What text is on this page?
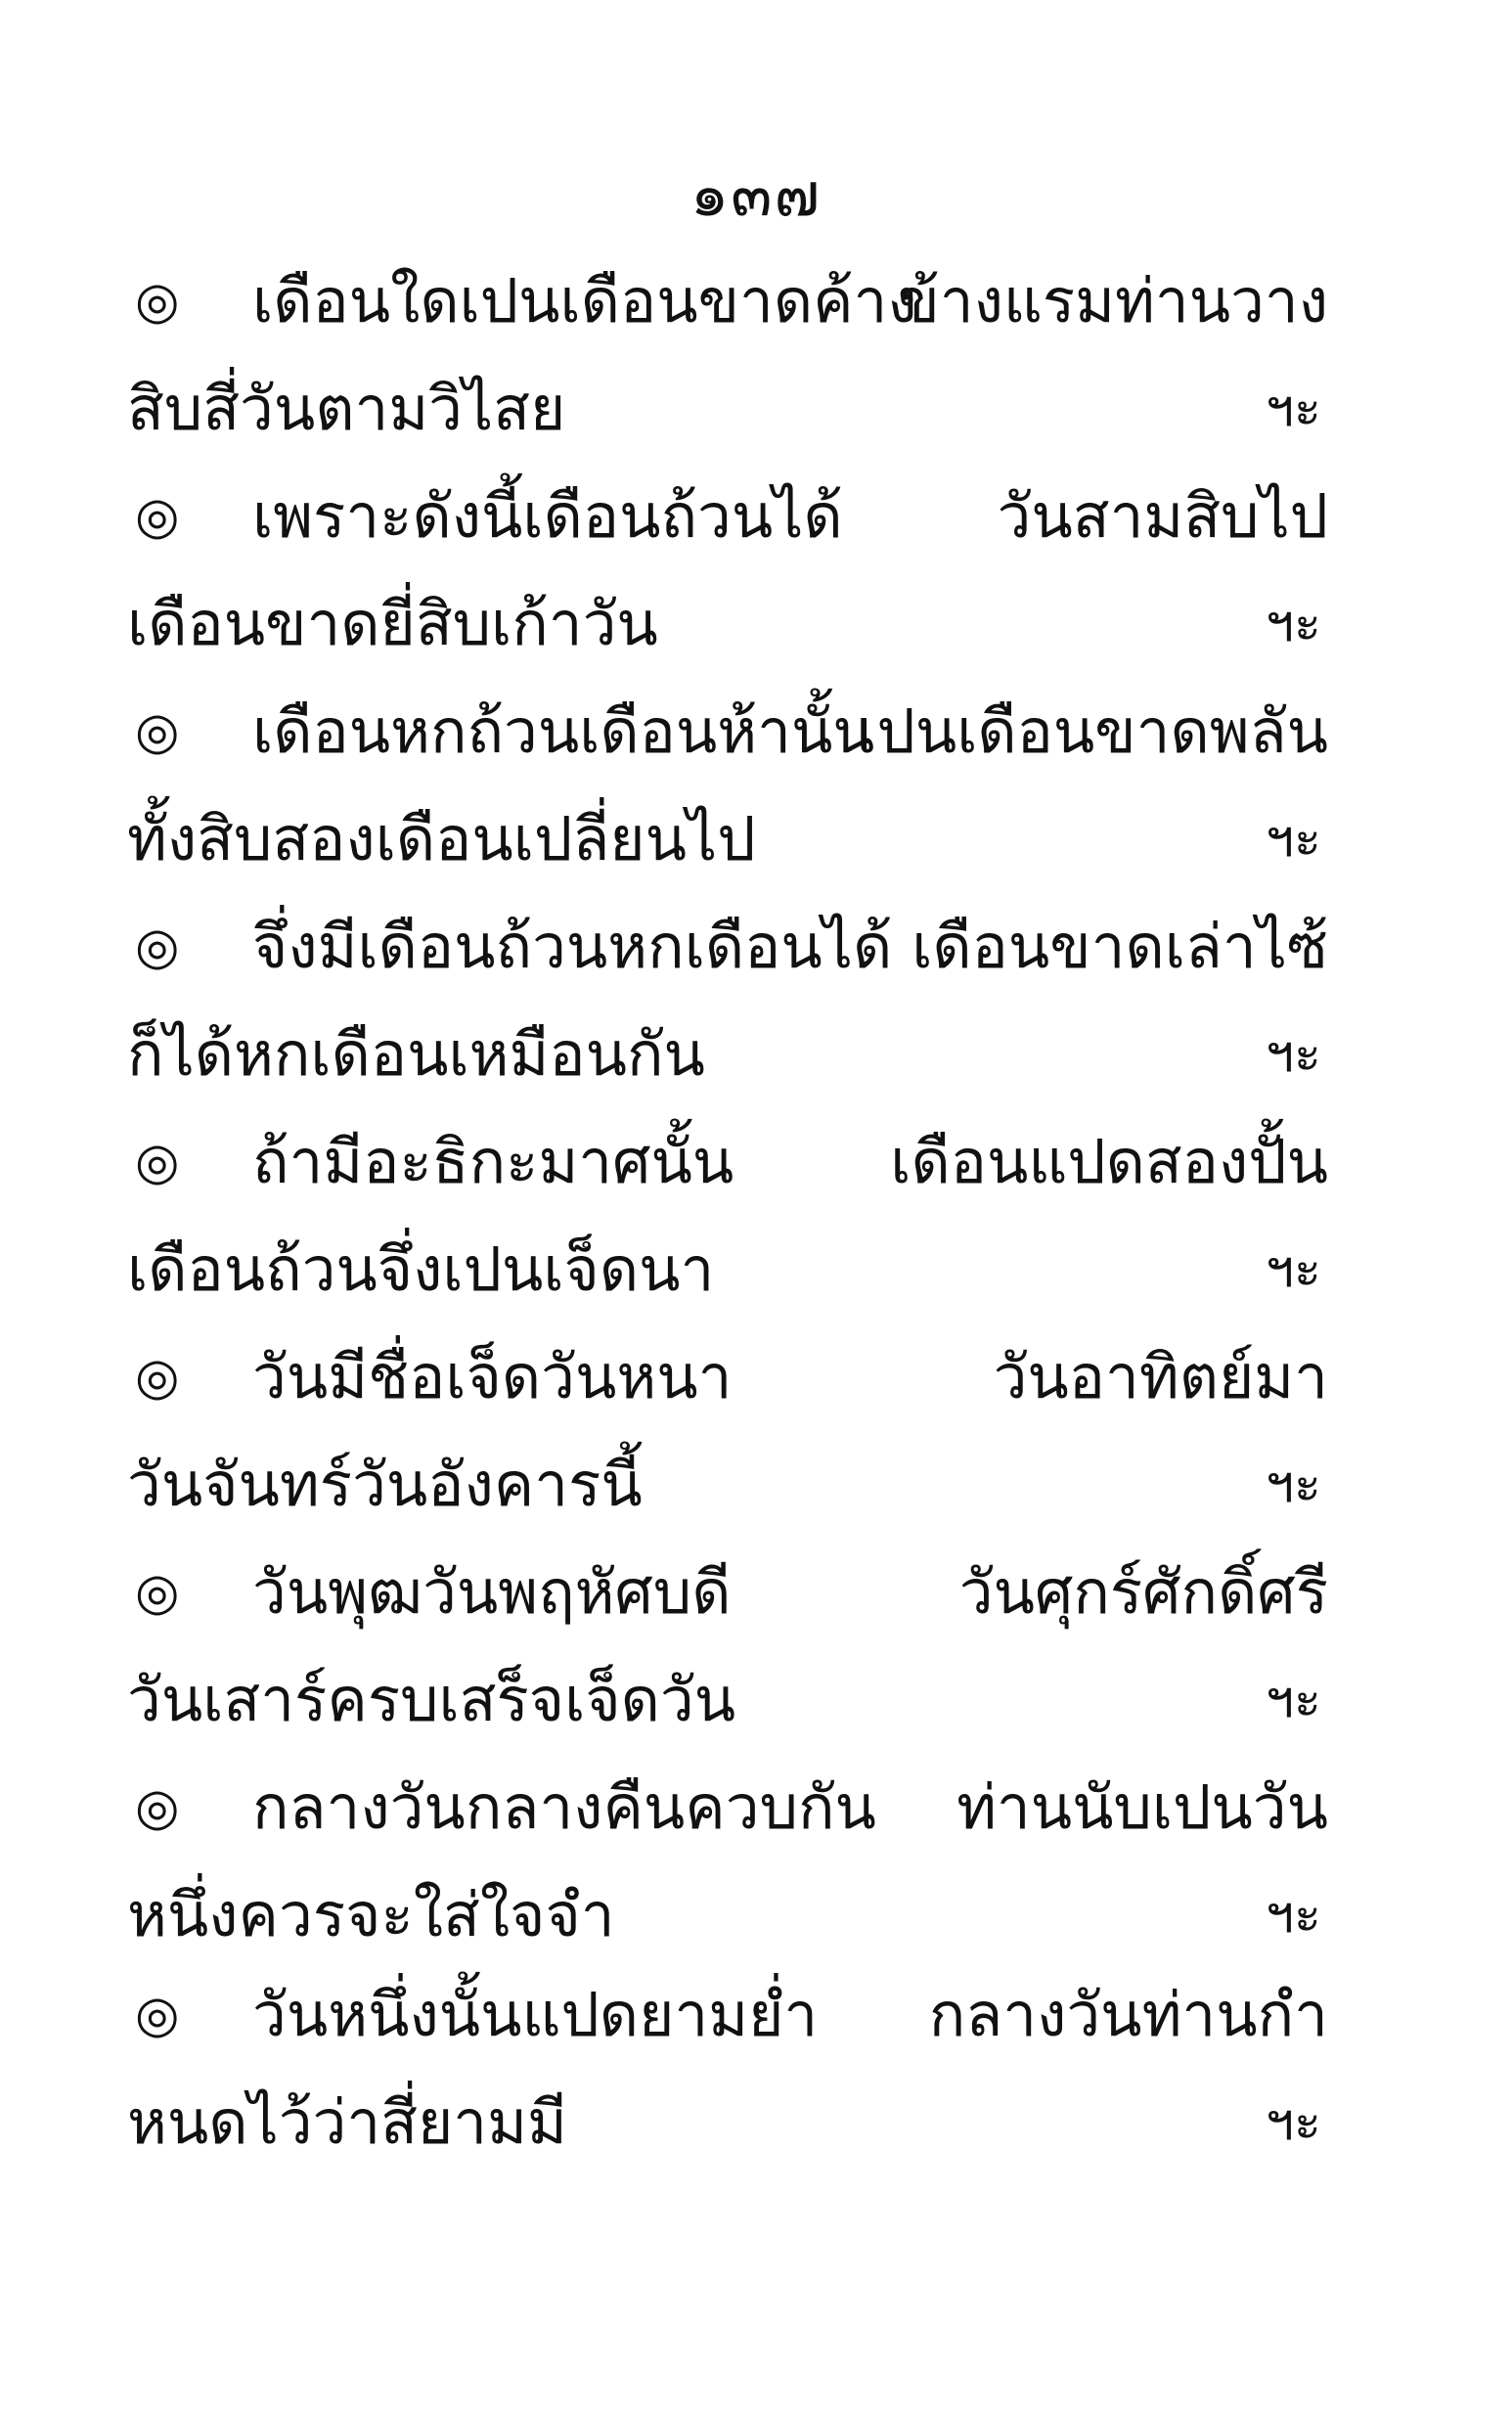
๑๓๗
◎ เดือนใดเปนเดือนขาดค้าง
ข้างแรมท่านวาง
สิบสี่วันตามวิไสย	ฯะ
◎ เพราะดังนี้เดือนถ้วนได้	วันสามสิบไป
เดือนขาดยี่สิบเก้าวัน	ฯะ
◎ เดือนหกถ้วนเดือนห้านั้น
เปนเดือนขาดพลัน
ทั้งสิบสองเดือนเปลี่ยนไป	ฯะ
◎ จึ่งมีเดือนถ้วนหกเดือนได้ เดือนขาดเล่าไซ้
ก็ได้หกเดือนเหมือนกัน	ฯะ
◎ ถ้ามีอะธิกะมาศนั้น	เดือนแปดสองปั้น
เดือนถ้วนจึ่งเปนเจ็ดนา	ฯะ
◎ วันมีชื่อเจ็ดวันหนา	วันอาทิตย์มา
วันจันทร์วันอังคารนี้	ฯะ
◎ วันพุฒวันพฤหัศบดี	วันศุกร์ศักดิ์ศรี
วันเสาร์ครบเสร็จเจ็ดวัน	ฯะ
◎ กลางวันกลางคืนควบกัน ท่านนับเปนวัน
หนึ่งควรจะใส่ใจจำ	ฯะ
◎ วันหนึ่งนั้นแปดยามย่ำ กลางวันท่านกำ
หนดไว้ว่าสี่ยามมี	ฯะ
